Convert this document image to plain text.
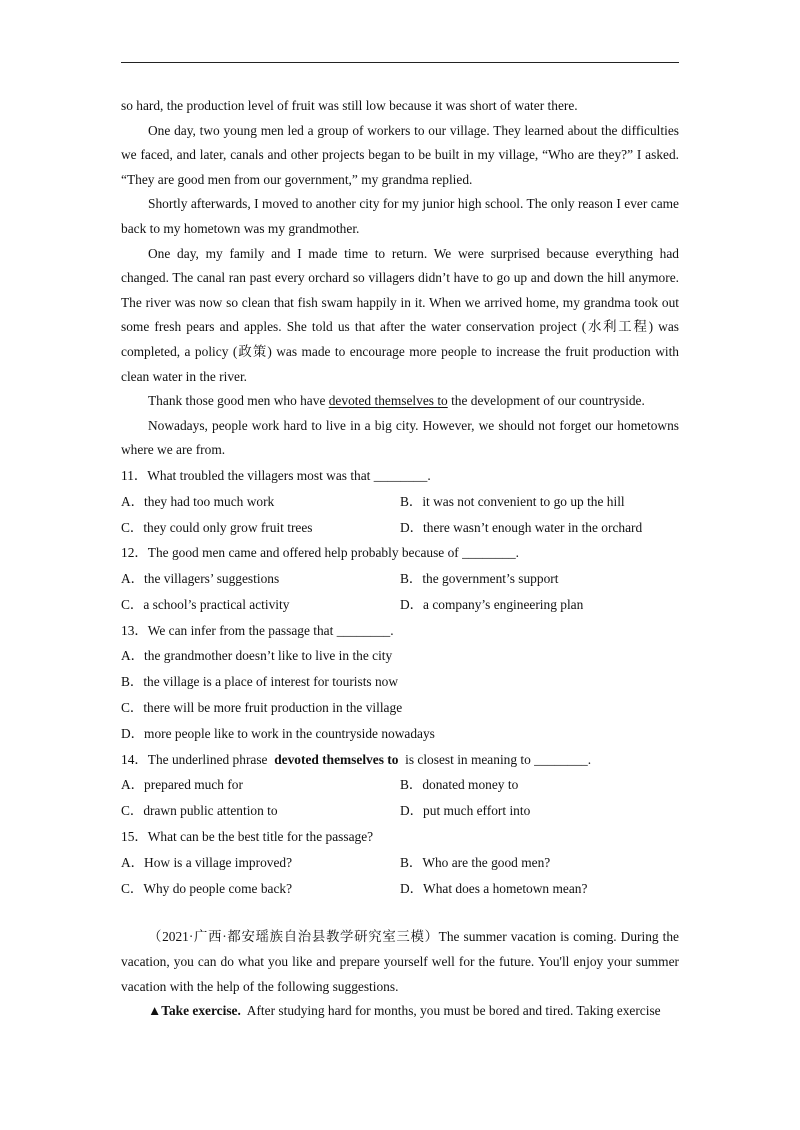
so hard, the production level of fruit was still low because it was short of water there.

One day, two young men led a group of workers to our village. They learned about the difficulties we faced, and later, canals and other projects began to be built in my village, “Who are they?” I asked. “They are good men from our government,” my grandma replied.

Shortly afterwards, I moved to another city for my junior high school. The only reason I ever came back to my hometown was my grandmother.

One day, my family and I made time to return. We were surprised because everything had changed. The canal ran past every orchard so villagers didn’t have to go up and down the hill anymore. The river was now so clean that fish swam happily in it. When we arrived home, my grandma took out some fresh pears and apples. She told us that after the water conservation project (水利工程) was completed, a policy (政策) was made to encourage more people to increase the fruit production with clean water in the river.

Thank those good men who have devoted themselves to the development of our countryside.

Nowadays, people work hard to live in a big city. However, we should not forget our hometowns where we are from.

11．What troubled the villagers most was that ________.
A．they had too much work	B．it was not convenient to go up the hill
C．they could only grow fruit trees	D．there wasn’t enough water in the orchard
12．The good men came and offered help probably because of ________.
A．the villagers’ suggestions	B．the government’s support
C．a school’s practical activity	D．a company’s engineering plan
13．We can infer from the passage that ________.
A．the grandmother doesn’t like to live in the city
B．the village is a place of interest for tourists now
C．there will be more fruit production in the village
D．more people like to work in the countryside nowadays
14．The underlined phrase  devoted themselves to  is closest in meaning to ________.
A．prepared much for	B．donated money to
C．drawn public attention to	D．put much effort into
15．What can be the best title for the passage?
A．How is a village improved?	B．Who are the good men?
C．Why do people come back?	D．What does a hometown mean?

（2021·广西·都安瑶族自治县教学研究室三模）The summer vacation is coming. During the vacation, you can do what you like and prepare yourself well for the future. You'll enjoy your summer vacation with the help of the following suggestions.

▲Take exercise.  After studying hard for months, you must be bored and tired. Taking exercise
